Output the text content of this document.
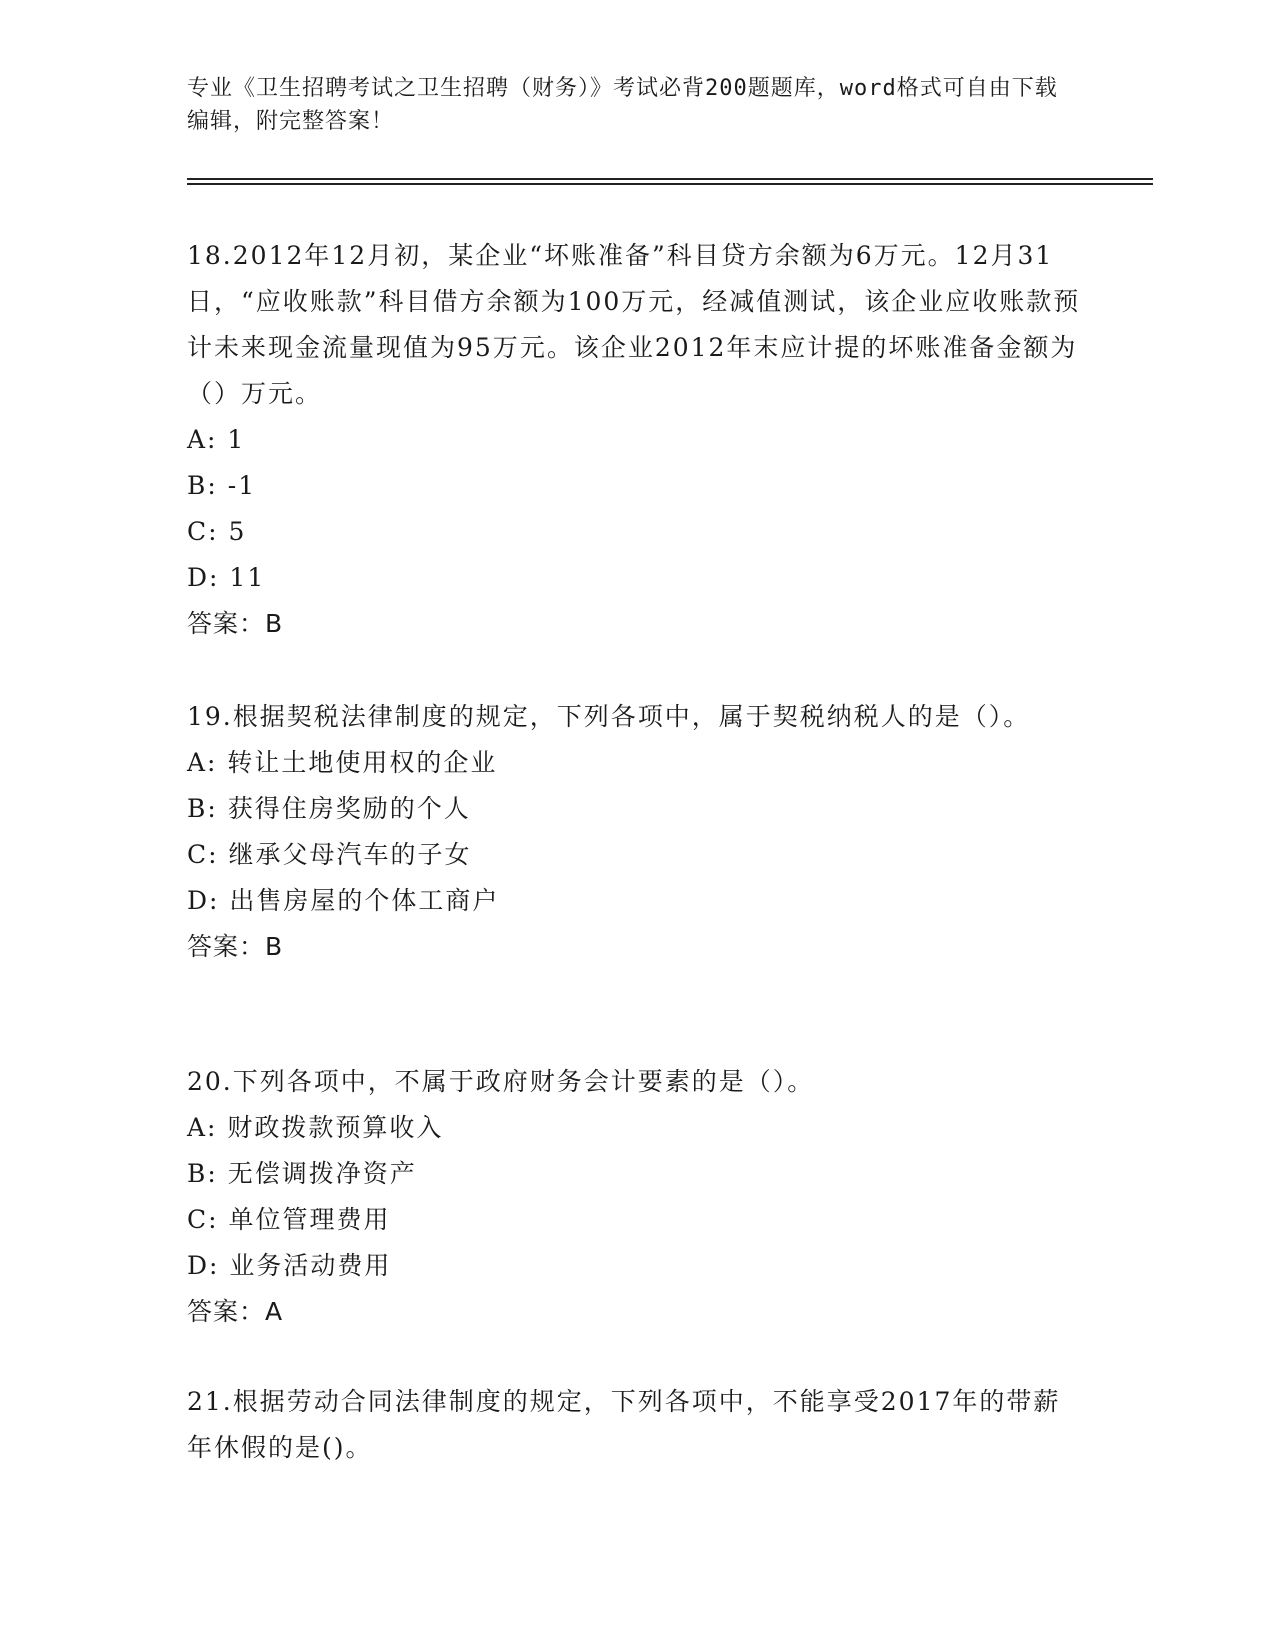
专业《卫生招聘考试之卫生招聘（财务）》考试必背200题题库，word格式可自由下载编辑，附完整答案！

18.2012年12月初，某企业“坏账准备”科目贷方余额为6万元。12月31日，“应收账款”科目借方余额为100万元，经减值测试，该企业应收账款预计未来现金流量现值为95万元。该企业2012年末应计提的坏账准备金额为（）万元。

A: 1

B: -1

C: 5

D: 11

答案：B

19.根据契税法律制度的规定，下列各项中，属于契税纳税人的是（）。

A: 转让土地使用权的企业

B: 获得住房奖励的个人

C: 继承父母汽车的子女

D: 出售房屋的个体工商户

答案：B

20.下列各项中，不属于政府财务会计要素的是（）。

A: 财政拨款预算收入

B: 无偿调拨净资产

C: 单位管理费用

D: 业务活动费用

答案：A

21.根据劳动合同法律制度的规定，下列各项中，不能享受2017年的带薪年休假的是()。
